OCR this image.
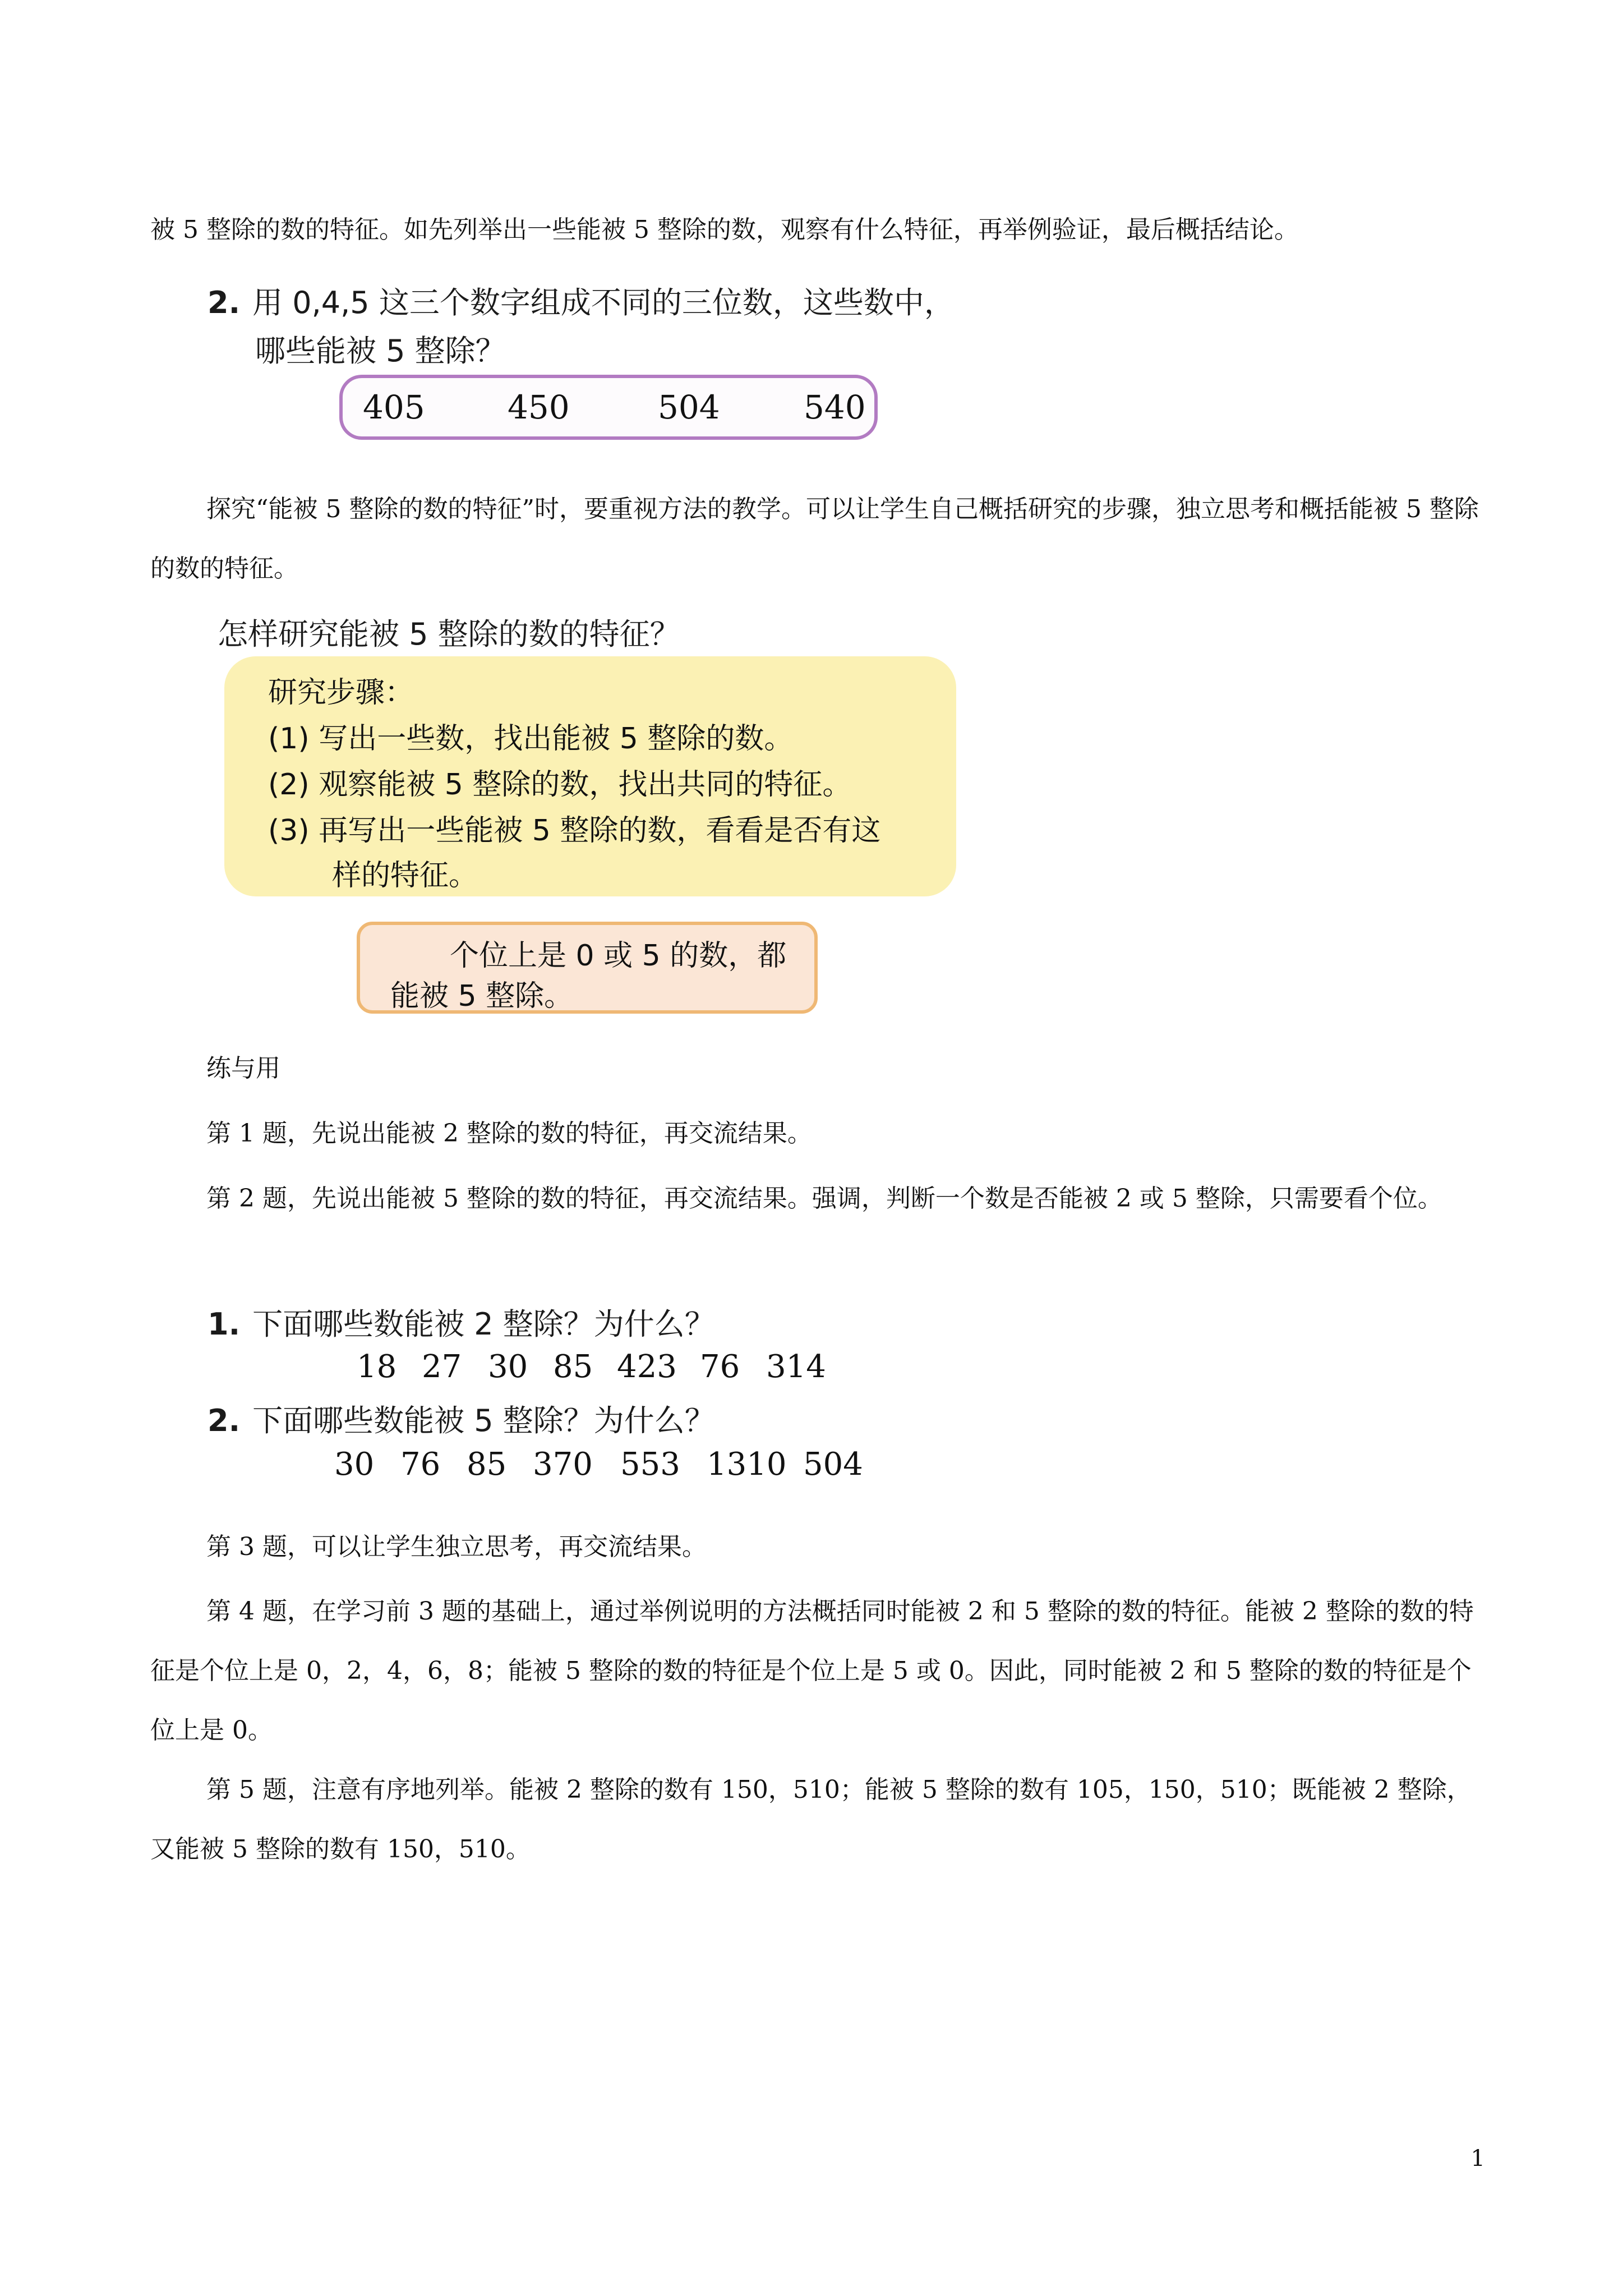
被 5 整除的数的特征。如先列举出一些能被 5 整除的数，观察有什么特征，再举例验证，最后概括结论。

2. 用 0,4,5 这三个数字组成不同的三位数，这些数中，
哪些能被 5 整除？
405	450	504	540

探究“能被 5 整除的数的特征”时，要重视方法的教学。可以让学生自己概括研究的步骤，独立思考和概括能被 5 整除的数的特征。

怎样研究能被 5 整除的数的特征？
研究步骤：
(1) 写出一些数，找出能被 5 整除的数。
(2) 观察能被 5 整除的数，找出共同的特征。
(3) 再写出一些能被 5 整除的数，看看是否有这
样的特征。
个位上是 0 或 5 的数，都
能被 5 整除。
练与用

第 1 题，先说出能被 2 整除的数的特征，再交流结果。

第 2 题，先说出能被 5 整除的数的特征，再交流结果。强调，判断一个数是否能被 2 或 5 整除，只需要看个位。

1. 下面哪些数能被 2 整除？为什么？
18 27 30 85 423 76 314
2. 下面哪些数能被 5 整除？为什么？
30 76 85 370 553 1310 504

第 3 题，可以让学生独立思考，再交流结果。

第 4 题，在学习前 3 题的基础上，通过举例说明的方法概括同时能被 2 和 5 整除的数的特征。能被 2 整除的数的特征是个位上是 0，2，4，6，8；能被 5 整除的数的特征是个位上是 5 或 0。因此，同时能被 2 和 5 整除的数的特征是个位上是 0。

第 5 题，注意有序地列举。能被 2 整除的数有 150，510；能被 5 整除的数有 105，150，510；既能被 2 整除，又能被 5 整除的数有 150，510。

1
